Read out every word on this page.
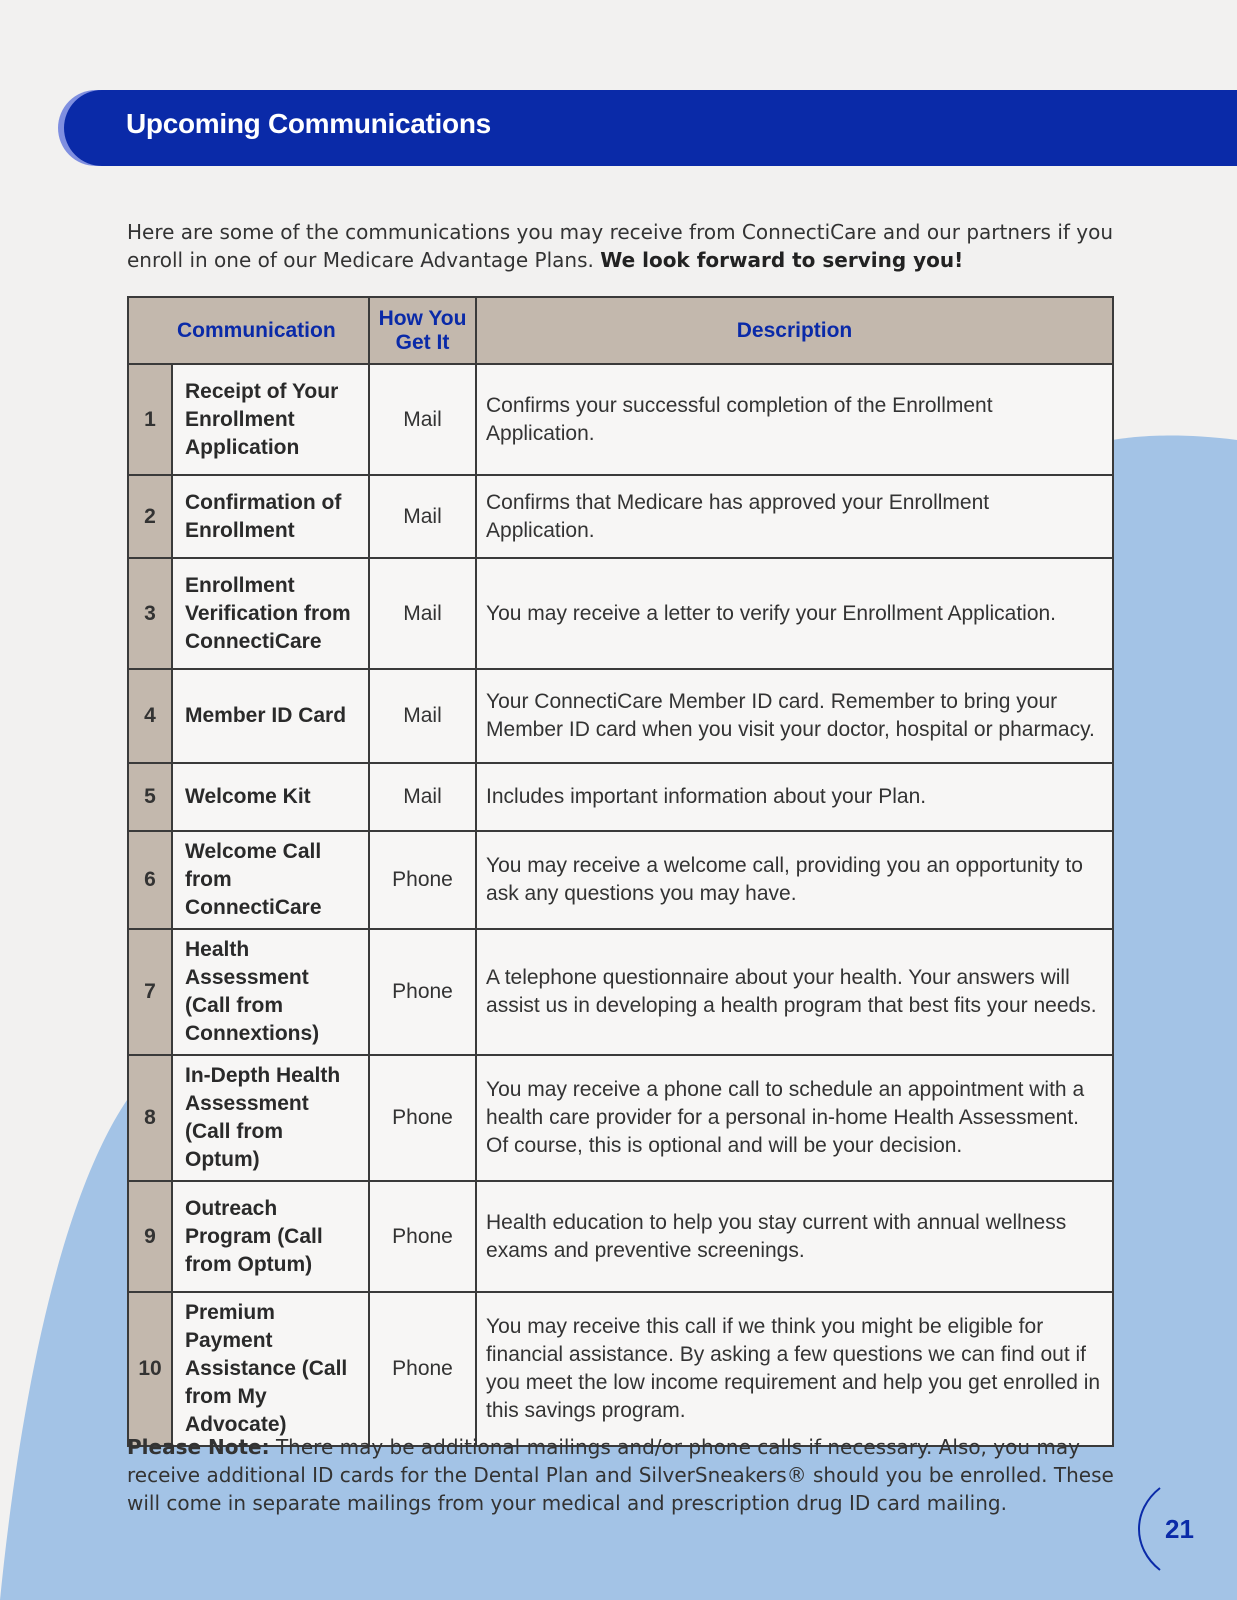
Upcoming Communications

Here are some of the communications you may receive from ConnectiCare and our partners if you enroll in one of our Medicare Advantage Plans. We look forward to serving you!

Communication		How You Get It	Description
1	Receipt of Your Enrollment Application	Mail	Confirms your successful completion of the Enrollment Application.
2	Confirmation of Enrollment	Mail	Confirms that Medicare has approved your Enrollment Application.
3	Enrollment Verification from ConnectiCare	Mail	You may receive a letter to verify your Enrollment Application.
4	Member ID Card	Mail	Your ConnectiCare Member ID card. Remember to bring your Member ID card when you visit your doctor, hospital or pharmacy.
5	Welcome Kit	Mail	Includes important information about your Plan.
6	Welcome Call from ConnectiCare	Phone	You may receive a welcome call, providing you an opportunity to ask any questions you may have.
7	Health Assessment (Call from Connextions)	Phone	A telephone questionnaire about your health. Your answers will assist us in developing a health program that best fits your needs.
8	In-Depth Health Assessment (Call from Optum)	Phone	You may receive a phone call to schedule an appointment with a health care provider for a personal in-home Health Assessment. Of course, this is optional and will be your decision.
9	Outreach Program (Call from Optum)	Phone	Health education to help you stay current with annual wellness exams and preventive screenings.
10	Premium Payment Assistance (Call from My Advocate)	Phone	You may receive this call if we think you might be eligible for financial assistance. By asking a few questions we can find out if you meet the low income requirement and help you get enrolled in this savings program.

Please Note: There may be additional mailings and/or phone calls if necessary. Also, you may receive additional ID cards for the Dental Plan and SilverSneakers® should you be enrolled. These will come in separate mailings from your medical and prescription drug ID card mailing.

21
